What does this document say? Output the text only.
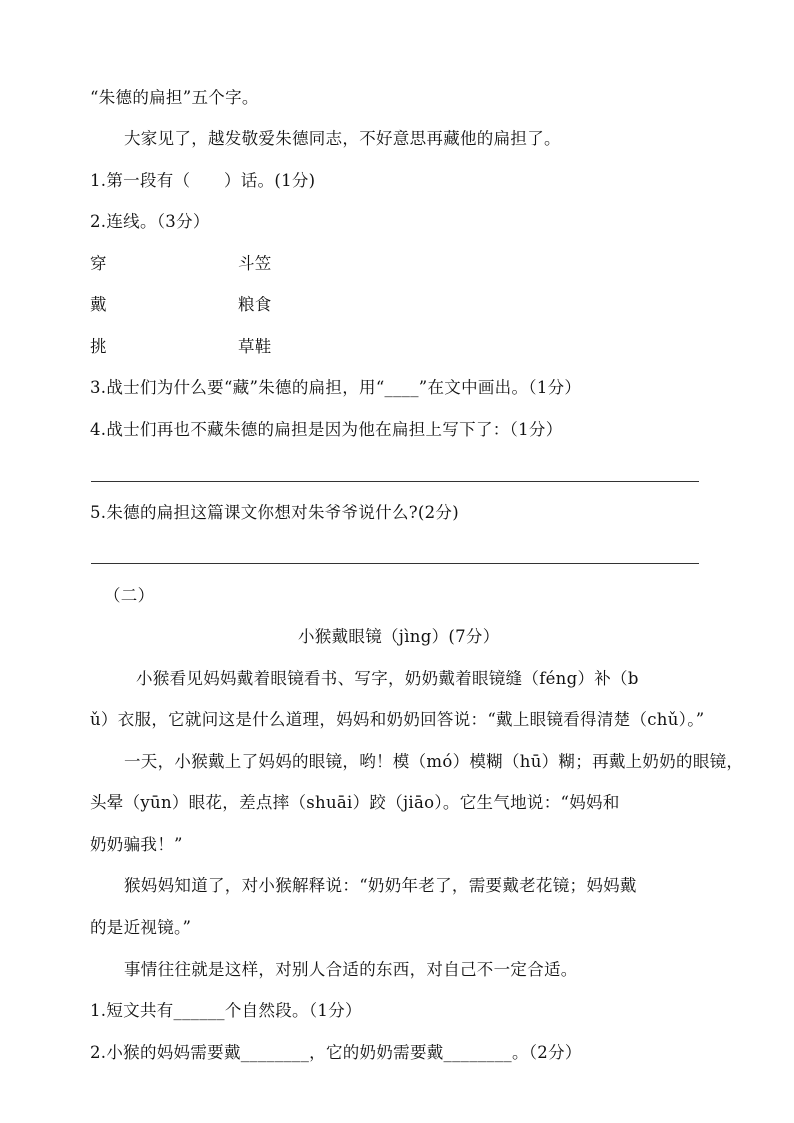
“朱德的扁担”五个字。
大家见了，越发敬爱朱德同志，不好意思再藏他的扁担了。
1.第一段有（　　）话。(1分)
2.连线。（3分）
穿	斗笠
戴	粮食
挑	草鞋
3.战士们为什么要“藏”朱德的扁担，用“____”在文中画出。（1分）
4.战士们再也不藏朱德的扁担是因为他在扁担上写下了：（1分）
5.朱德的扁担这篇课文你想对朱爷爷说什么?(2分)
（二）
小猴戴眼镜（jìng）(7分）
小猴看见妈妈戴着眼镜看书、写字，奶奶戴着眼镜缝（féng）补（b
ǔ）衣服，它就问这是什么道理，妈妈和奶奶回答说：“戴上眼镜看得清楚（chǔ）。”
一天，小猴戴上了妈妈的眼镜，哟！模（mó）模糊（hū）糊；再戴上奶奶的眼镜，
头晕（yūn）眼花，差点摔（shuāi）跤（jiāo）。它生气地说：“妈妈和
奶奶骗我！”
猴妈妈知道了，对小猴解释说：“奶奶年老了，需要戴老花镜；妈妈戴
的是近视镜。”
事情往往就是这样，对别人合适的东西，对自己不一定合适。
1.短文共有______个自然段。（1分）
2.小猴的妈妈需要戴________，它的奶奶需要戴________。（2分）
